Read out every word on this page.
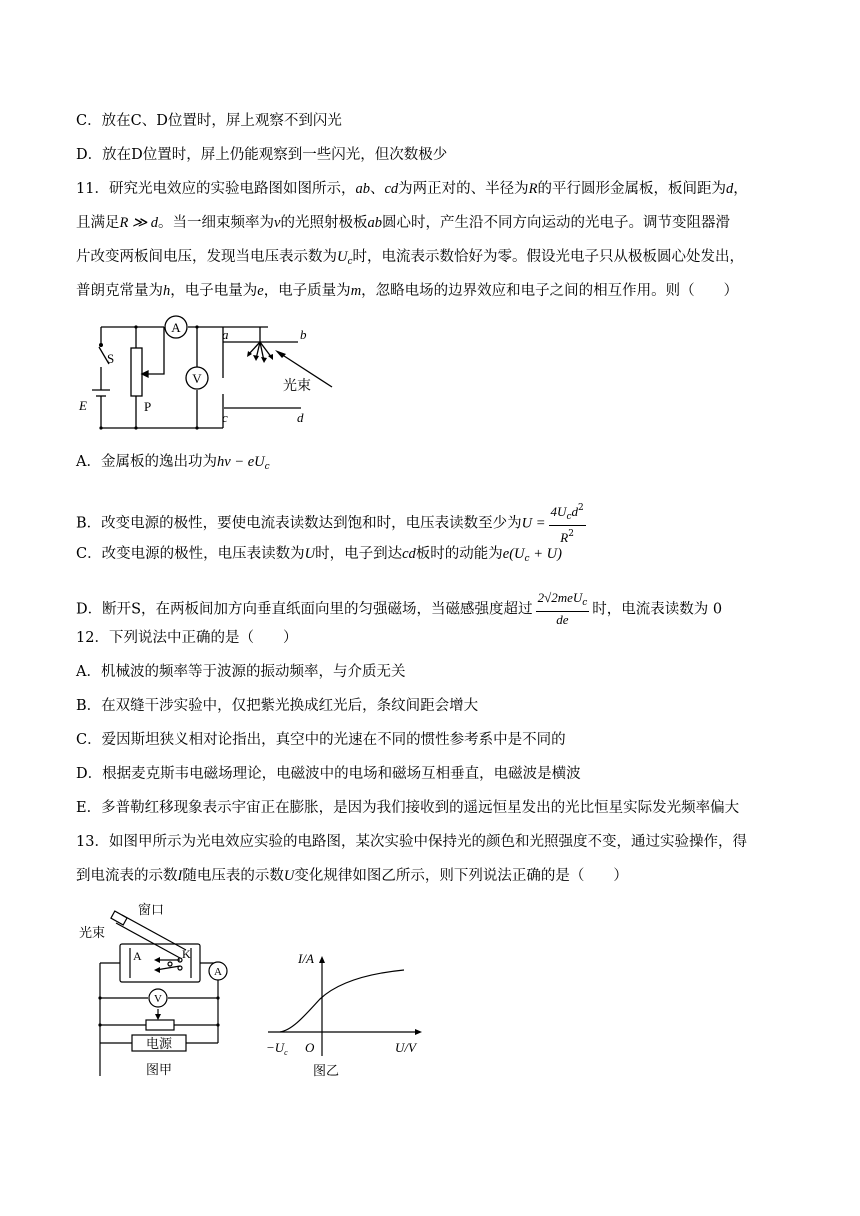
C．放在C、D位置时，屏上观察不到闪光
D．放在D位置时，屏上仍能观察到一些闪光，但次数极少
11．研究光电效应的实验电路图如图所示，ab、cd为两正对的、半径为R的平行圆形金属板，板间距为d，
且满足R ≫ d。当一细束频率为ν的光照射极板ab圆心时，产生沿不同方向运动的光电子。调节变阻器滑
片改变两板间电压，发现当电压表示数为$U_c$时，电流表示数恰好为零。假设光电子只从极板圆心处发出，
普朗克常量为h，电子电量为e，电子质量为m，忽略电场的边界效应和电子之间的相互作用。则（　　）
A
V
S
P
E
a	b
c	d
光束
A．金属板的逸出功为$h\nu - eU_c$
B．改变电源的极性，要使电流表读数达到饱和时，电压表读数至少为$U = \frac{4U_cd^2}{R^2}$
C．改变电源的极性，电压表读数为U时，电子到达cd板时的动能为$e(U_c + U)$
D．断开S，在两板间加方向垂直纸面向里的匀强磁场，当磁感强度超过 $\frac{2√2meU_c}{de}$ 时，电流表读数为 0
12．下列说法中正确的是（　　）
A．机械波的频率等于波源的振动频率，与介质无关
B．在双缝干涉实验中，仅把紫光换成红光后，条纹间距会增大
C．爱因斯坦狭义相对论指出，真空中的光速在不同的惯性参考系中是不同的
D．根据麦克斯韦电磁场理论，电磁波中的电场和磁场互相垂直，电磁波是横波
E．多普勒红移现象表示宇宙正在膨胀，是因为我们接收到的遥远恒星发出的光比恒星实际发光频率偏大
13．如图甲所示为光电效应实验的电路图，某次实验中保持光的颜色和光照强度不变，通过实验操作，得
到电流表的示数I随电压表的示数U变化规律如图乙所示，则下列说法正确的是（　　）
窗口
光束
A	K
A
V
电源
图甲
I/A
U/V
O
$-U_c$
图乙
